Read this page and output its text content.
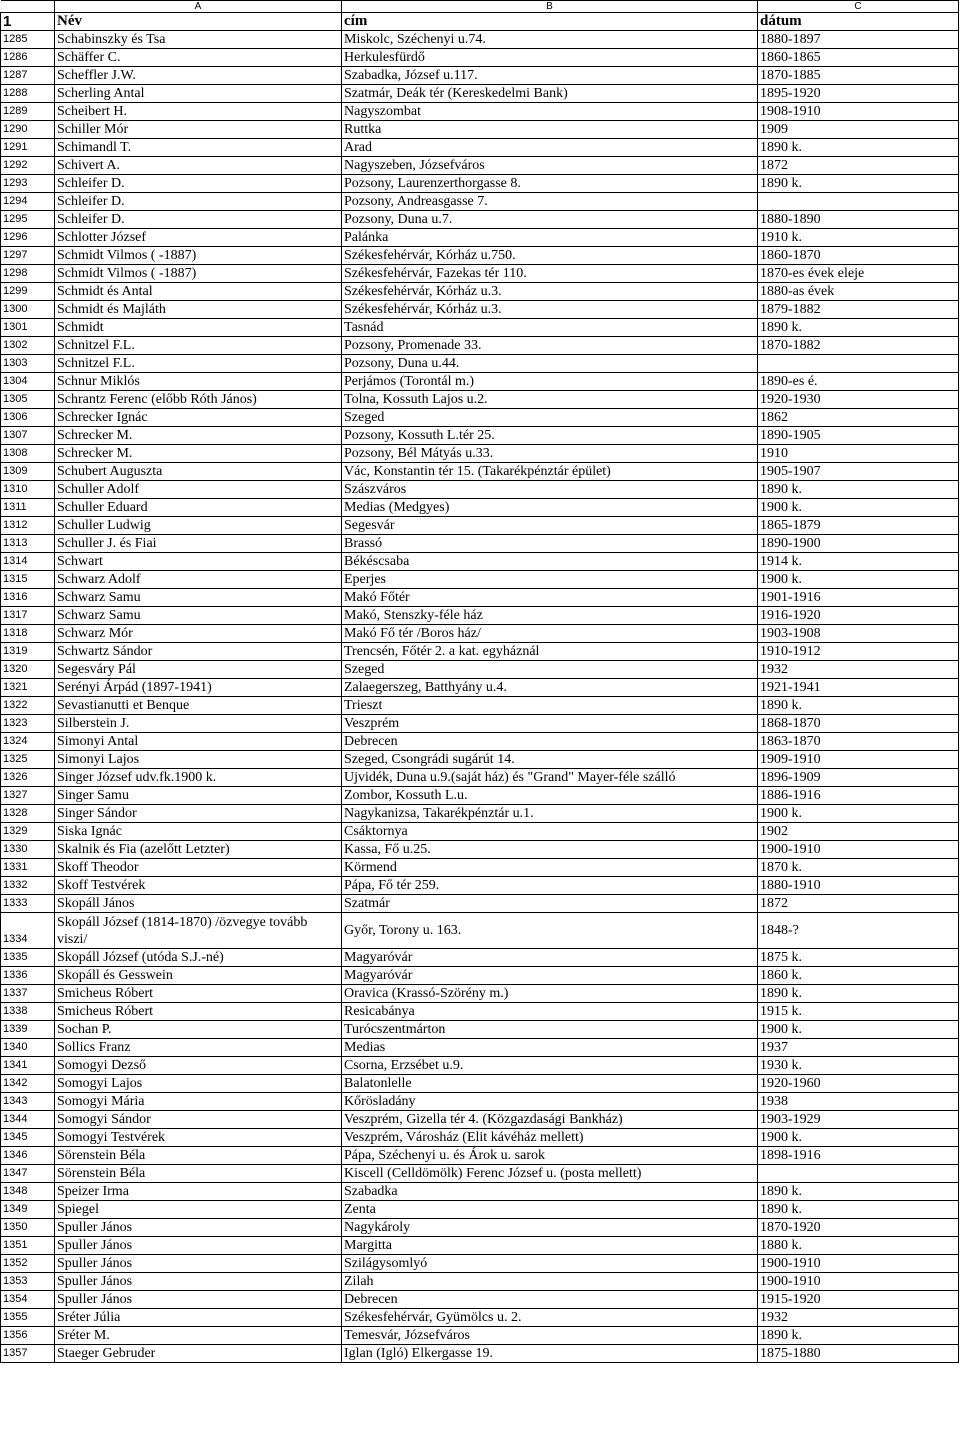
	A	B	C
1	Név	cím	dátum
1285	Schabinszky és Tsa	Miskolc, Széchenyi u.74.	1880-1897
1286	Schäffer C.	Herkulesfürdő	1860-1865
1287	Scheffler J.W.	Szabadka, József u.117.	1870-1885
1288	Scherling Antal	Szatmár, Deák tér (Kereskedelmi Bank)	1895-1920
1289	Scheibert H.	Nagyszombat	1908-1910
1290	Schiller Mór	Ruttka	1909
1291	Schimandl T.	Arad	1890 k.
1292	Schivert A.	Nagyszeben, Józsefváros	1872
1293	Schleifer D.	Pozsony, Laurenzerthorgasse 8.	1890 k.
1294	Schleifer D.	Pozsony, Andreasgasse 7.	
1295	Schleifer D.	Pozsony, Duna u.7.	1880-1890
1296	Schlotter József	Palánka	1910 k.
1297	Schmidt Vilmos ( -1887)	Székesfehérvár, Kórház u.750.	1860-1870
1298	Schmidt Vilmos ( -1887)	Székesfehérvár, Fazekas tér 110.	1870-es évek eleje
1299	Schmidt és Antal	Székesfehérvár, Kórház u.3.	1880-as évek
1300	Schmidt és Majláth	Székesfehérvár, Kórház u.3.	1879-1882
1301	Schmidt	Tasnád	1890 k.
1302	Schnitzel F.L.	Pozsony, Promenade 33.	1870-1882
1303	Schnitzel F.L.	Pozsony, Duna u.44.	
1304	Schnur Miklós	Perjámos (Torontál m.)	1890-es é.
1305	Schrantz Ferenc (előbb Róth János)	Tolna, Kossuth Lajos u.2.	1920-1930
1306	Schrecker Ignác	Szeged	1862
1307	Schrecker M.	Pozsony, Kossuth L.tér 25.	1890-1905
1308	Schrecker M.	Pozsony, Bél Mátyás u.33.	1910
1309	Schubert Auguszta	Vác, Konstantin tér 15. (Takarékpénztár épület)	1905-1907
1310	Schuller Adolf	Szászváros	1890 k.
1311	Schuller Eduard	Medias (Medgyes)	1900 k.
1312	Schuller Ludwig	Segesvár	1865-1879
1313	Schuller J. és Fiai	Brassó	1890-1900
1314	Schwart	Békéscsaba	1914 k.
1315	Schwarz Adolf	Eperjes	1900 k.
1316	Schwarz Samu	Makó Főtér	1901-1916
1317	Schwarz Samu	Makó, Stenszky-féle ház	1916-1920
1318	Schwarz Mór	Makó Fő tér /Boros ház/	1903-1908
1319	Schwartz Sándor	Trencsén, Főtér 2. a kat. egyháznál	1910-1912
1320	Segesváry Pál	Szeged	1932
1321	Serényi Árpád (1897-1941)	Zalaegerszeg, Batthyány u.4.	1921-1941
1322	Sevastianutti et Benque	Trieszt	1890 k.
1323	Silberstein J.	Veszprém	1868-1870
1324	Simonyi Antal	Debrecen	1863-1870
1325	Simonyi Lajos	Szeged, Csongrádi sugárút 14.	1909-1910
1326	Singer József udv.fk.1900 k.	Ujvidék, Duna u.9.(saját ház) és "Grand" Mayer-féle szálló	1896-1909
1327	Singer Samu	Zombor, Kossuth L.u.	1886-1916
1328	Singer Sándor	Nagykanizsa, Takarékpénztár u.1.	1900 k.
1329	Siska Ignác	Csáktornya	1902
1330	Skalnik és Fia (azelőtt Letzter)	Kassa, Fő u.25.	1900-1910
1331	Skoff Theodor	Körmend	1870 k.
1332	Skoff Testvérek	Pápa, Fő tér 259.	1880-1910
1333	Skopáll János	Szatmár	1872
1334	Skopáll József (1814-1870) /özvegye tovább viszi/	Győr, Torony u. 163.	1848-?
1335	Skopáll József (utóda S.J.-né)	Magyaróvár	1875 k.
1336	Skopáll és Gesswein	Magyaróvár	1860 k.
1337	Smicheus Róbert	Oravica (Krassó-Szörény m.)	1890 k.
1338	Smicheus Róbert	Resicabánya	1915 k.
1339	Sochan P.	Turócszentmárton	1900 k.
1340	Sollics Franz	Medias	1937
1341	Somogyi Dezső	Csorna, Erzsébet u.9.	1930 k.
1342	Somogyi Lajos	Balatonlelle	1920-1960
1343	Somogyi Mária	Kőrösladány	1938
1344	Somogyi Sándor	Veszprém, Gizella tér 4. (Közgazdasági Bankház)	1903-1929
1345	Somogyi Testvérek	Veszprém, Városház (Elit kávéház mellett)	1900 k.
1346	Sörenstein Béla	Pápa, Széchenyi u. és Árok u. sarok	1898-1916
1347	Sörenstein Béla	Kiscell (Celldömölk) Ferenc József u. (posta mellett)	
1348	Speizer Irma	Szabadka	1890 k.
1349	Spiegel	Zenta	1890 k.
1350	Spuller János	Nagykároly	1870-1920
1351	Spuller János	Margitta	1880 k.
1352	Spuller János	Szilágysomlyó	1900-1910
1353	Spuller János	Zilah	1900-1910
1354	Spuller János	Debrecen	1915-1920
1355	Sréter Júlia	Székesfehérvár, Gyümölcs u. 2.	1932
1356	Sréter M.	Temesvár, Józsefváros	1890 k.
1357	Staeger Gebruder	Iglan (Igló) Elkergasse 19.	1875-1880
